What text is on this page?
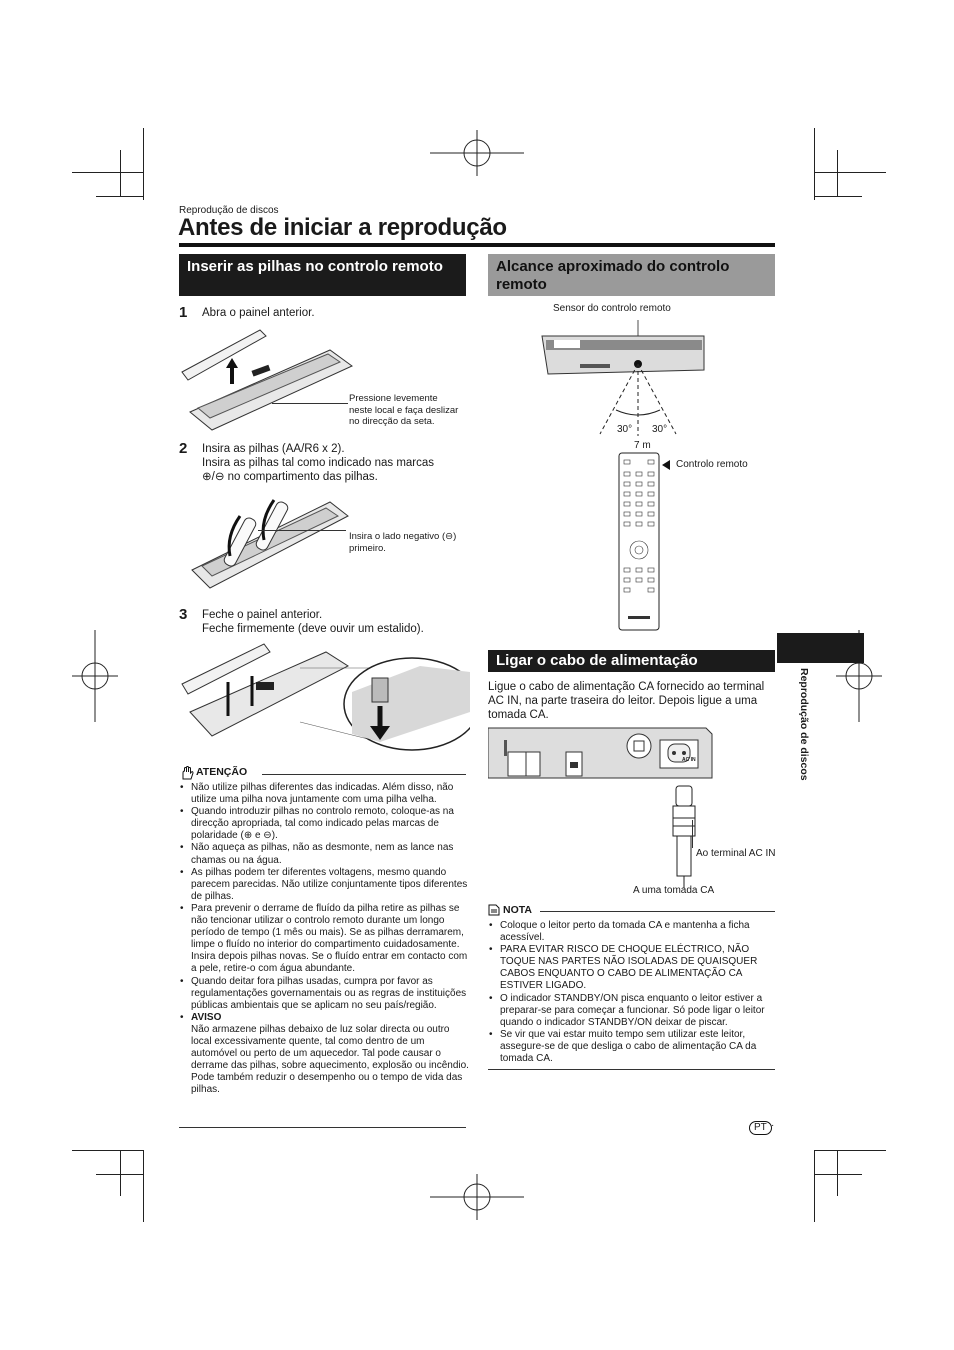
Reprodução de discos
Antes de iniciar a reprodução
Inserir as pilhas no controlo remoto
1 Abra o painel anterior.
Pressione levemente neste local e faça deslizar no direcção da seta.
2 Insira as pilhas (AA/R6 x 2).
Insira as pilhas tal como indicado nas marcas
⊕/⊖ no compartimento das pilhas.
Insira o lado negativo (⊖) primeiro.
3 Feche o painel anterior.
Feche firmemente (deve ouvir um estalido).
ATENÇÃO
• Não utilize pilhas diferentes das indicadas. Além disso, não utilize uma pilha nova juntamente com uma pilha velha.
• Quando introduzir pilhas no controlo remoto, coloque-as na direcção apropriada, tal como indicado pelas marcas de polaridade (⊕ e ⊖).
• Não aqueça as pilhas, não as desmonte, nem as lance nas chamas ou na água.
• As pilhas podem ter diferentes voltagens, mesmo quando parecem parecidas. Não utilize conjuntamente tipos diferentes de pilhas.
• Para prevenir o derrame de fluído da pilha retire as pilhas se não tencionar utilizar o controlo remoto durante um longo período de tempo (1 mês ou mais). Se as pilhas derramarem, limpe o fluído no interior do compartimento cuidadosamente. Insira depois pilhas novas. Se o fluído entrar em contacto com a pele, retire-o com água abundante.
• Quando deitar fora pilhas usadas, cumpra por favor as regulamentações governamentais ou as regras de instituições públicas ambientais que se aplicam no seu país/região.
• AVISO
Não armazene pilhas debaixo de luz solar directa ou outro local excessivamente quente, tal como dentro de um automóvel ou perto de um aquecedor. Tal pode causar o derrame das pilhas, sobre aquecimento, explosão ou incêndio. Pode também reduzir o desempenho ou o tempo de vida das pilhas.
Alcance aproximado do controlo remoto
Sensor do controlo remoto
30° 30°
7 m
Controlo remoto
Ligar o cabo de alimentação
Ligue o cabo de alimentação CA fornecido ao terminal AC IN, na parte traseira do leitor. Depois ligue a uma tomada CA.
AC IN
Ao terminal AC IN
A uma tomada CA
NOTA
• Coloque o leitor perto da tomada CA e mantenha a ficha acessível.
• PARA EVITAR RISCO DE CHOQUE ELÉCTRICO, NÃO TOQUE NAS PARTES NÃO ISOLADAS DE QUAISQUER CABOS ENQUANTO O CABO DE ALIMENTAÇÃO CA ESTIVER LIGADO.
• O indicador STANDBY/ON pisca enquanto o leitor estiver a preparar-se para começar a funcionar. Só pode ligar o leitor quando o indicador STANDBY/ON deixar de piscar.
• Se vir que vai estar muito tempo sem utilizar este leitor, assegure-se de que desliga o cabo de alimentação CA da tomada CA.
Reprodução de discos
PT ·
